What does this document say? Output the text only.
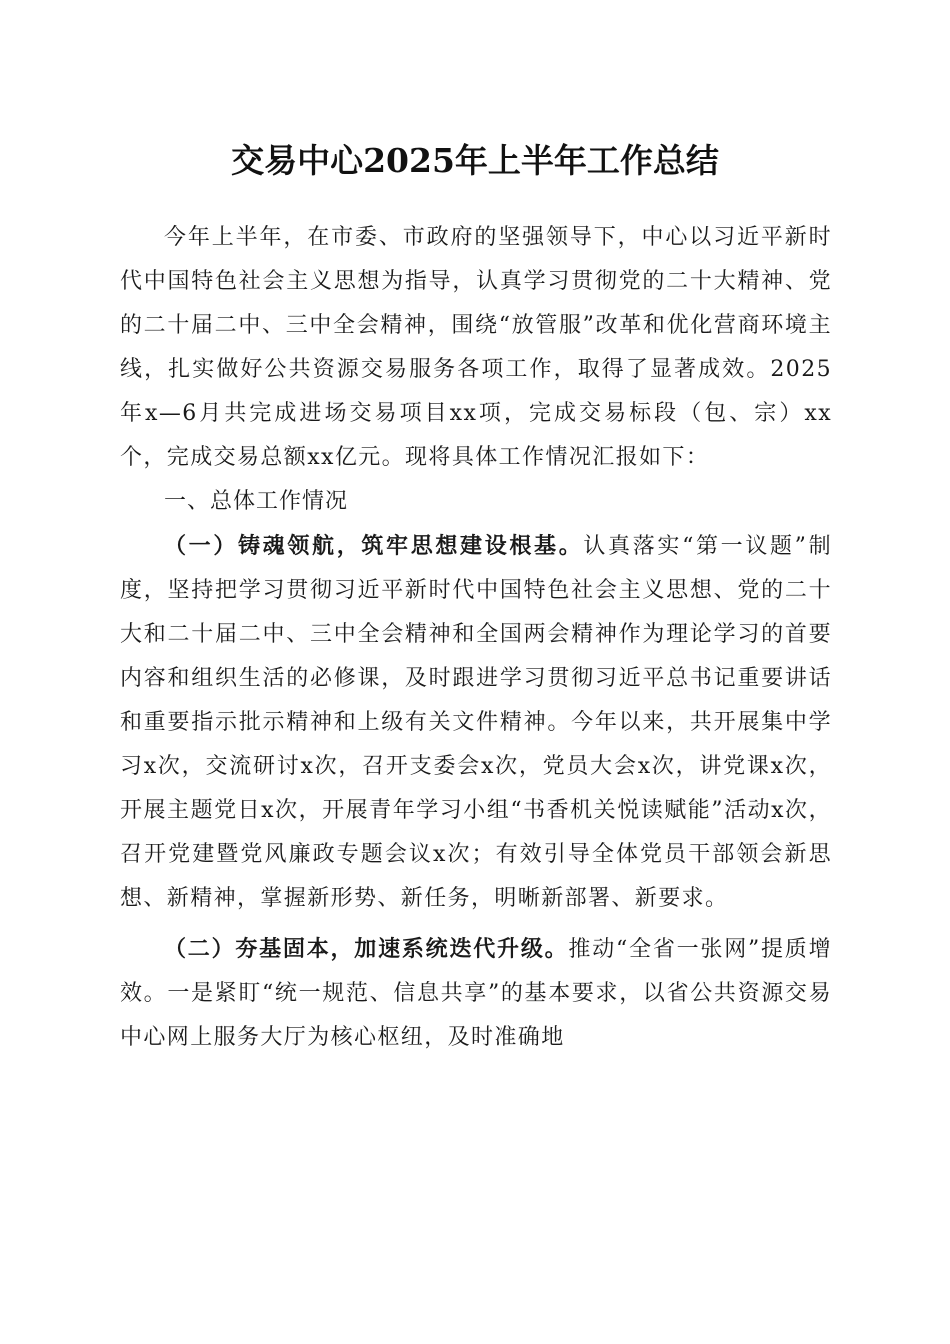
交易中心2025年上半年工作总结

今年上半年，在市委、市政府的坚强领导下，中心以习近平新时代中国特色社会主义思想为指导，认真学习贯彻党的二十大精神、党的二十届二中、三中全会精神，围绕“放管服”改革和优化营商环境主线，扎实做好公共资源交易服务各项工作，取得了显著成效。2025年x—6月共完成进场交易项目xx项，完成交易标段（包、宗）xx个，完成交易总额xx亿元。现将具体工作情况汇报如下：

一、总体工作情况

（一）铸魂领航，筑牢思想建设根基。认真落实“第一议题”制度，坚持把学习贯彻习近平新时代中国特色社会主义思想、党的二十大和二十届二中、三中全会精神和全国两会精神作为理论学习的首要内容和组织生活的必修课，及时跟进学习贯彻习近平总书记重要讲话和重要指示批示精神和上级有关文件精神。今年以来，共开展集中学习x次，交流研讨x次，召开支委会x次，党员大会x次，讲党课x次，开展主题党日x次，开展青年学习小组“书香机关悦读赋能”活动x次，召开党建暨党风廉政专题会议x次；有效引导全体党员干部领会新思想、新精神，掌握新形势、新任务，明晰新部署、新要求。

（二）夯基固本，加速系统迭代升级。推动“全省一张网”提质增效。一是紧盯“统一规范、信息共享”的基本要求，以省公共资源交易中心网上服务大厅为核心枢纽，及时准确地
